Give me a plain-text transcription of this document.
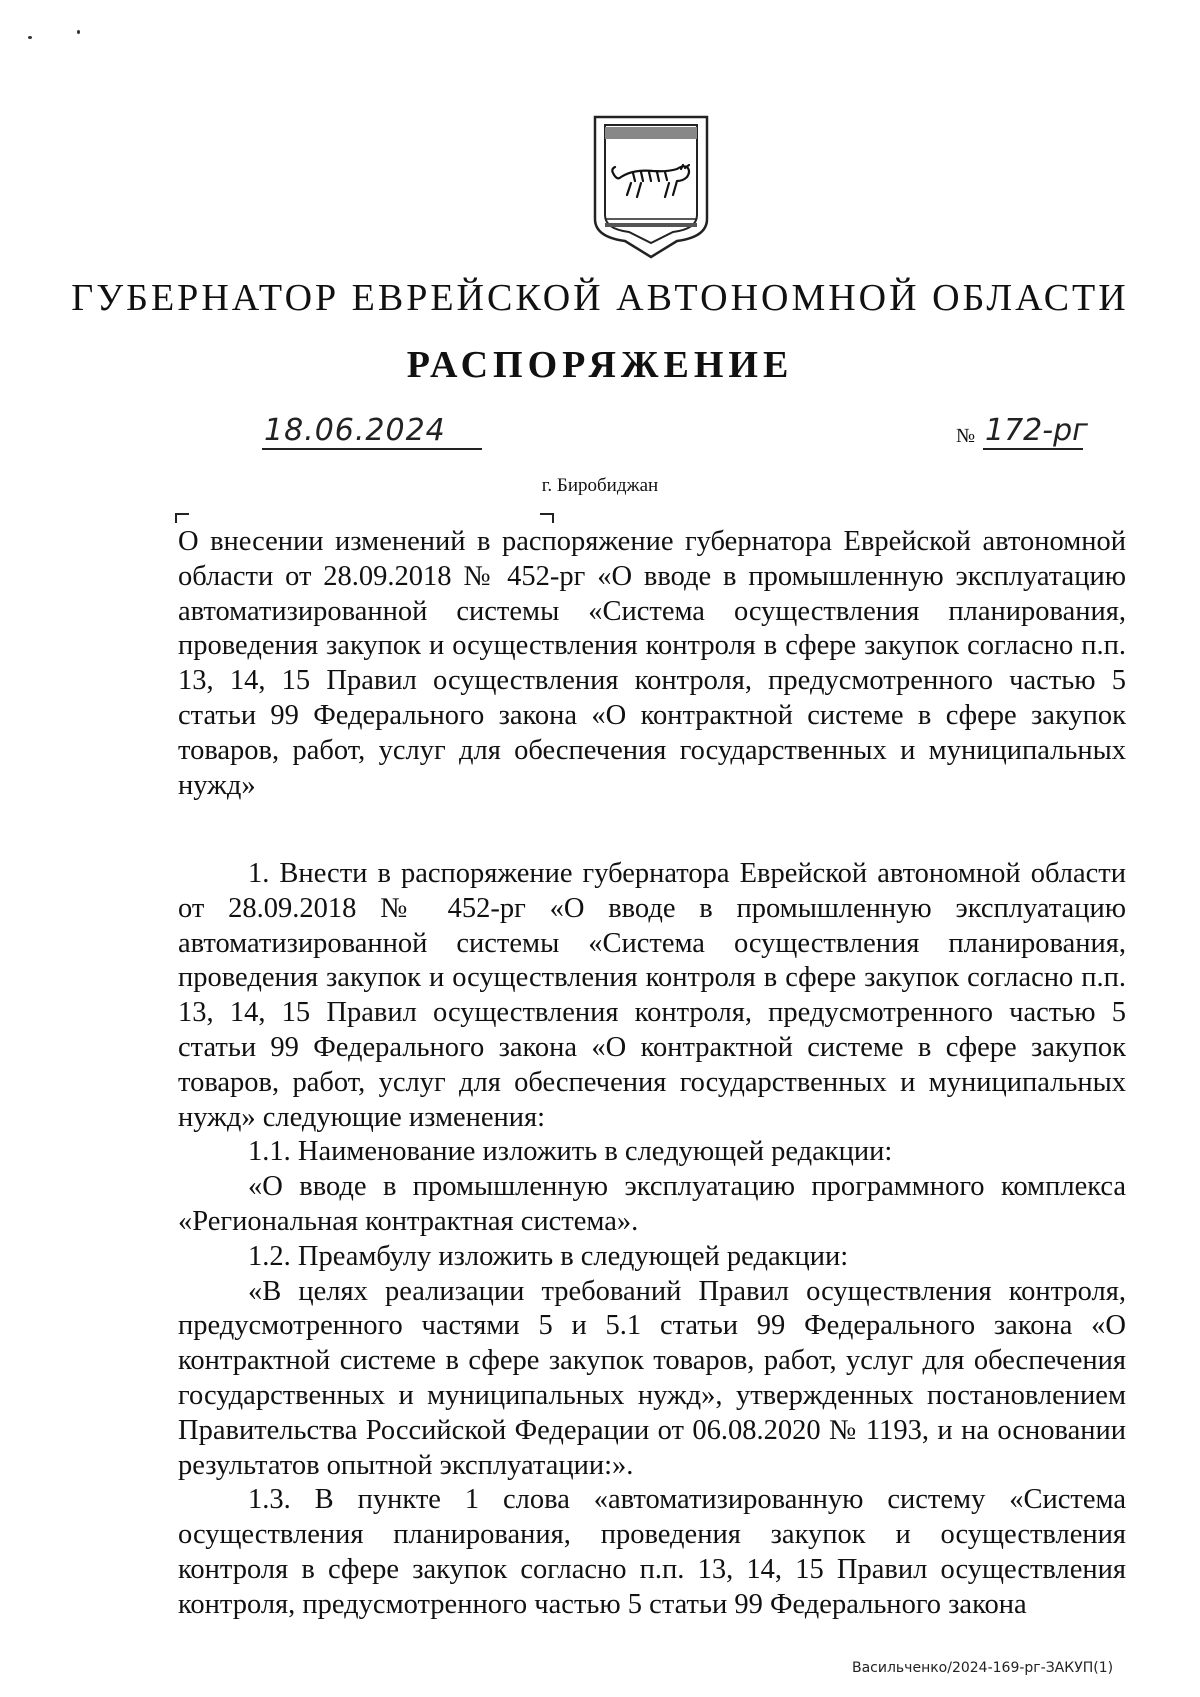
ГУБЕРНАТОР ЕВРЕЙСКОЙ АВТОНОМНОЙ ОБЛАСТИ
РАСПОРЯЖЕНИЕ
18.06.2024	№ 172-рг
г. Биробиджан

О внесении изменений в распоряжение губернатора Еврейской автономной области от 28.09.2018 № 452-рг «О вводе в промышленную эксплуатацию автоматизированной системы «Система осуществления планирования, проведения закупок и осуществления контроля в сфере закупок согласно п.п. 13, 14, 15 Правил осуществления контроля, предусмотренного частью 5 статьи 99 Федерального закона «О контрактной системе в сфере закупок товаров, работ, услуг для обеспечения государственных и муниципальных нужд»

1. Внести в распоряжение губернатора Еврейской автономной области от 28.09.2018 № 452-рг «О вводе в промышленную эксплуатацию автоматизированной системы «Система осуществления планирования, проведения закупок и осуществления контроля в сфере закупок согласно п.п. 13, 14, 15 Правил осуществления контроля, предусмотренного частью 5 статьи 99 Федерального закона «О контрактной системе в сфере закупок товаров, работ, услуг для обеспечения государственных и муниципальных нужд» следующие изменения:

1.1. Наименование изложить в следующей редакции:

«О вводе в промышленную эксплуатацию программного комплекса «Региональная контрактная система».

1.2. Преамбулу изложить в следующей редакции:

«В целях реализации требований Правил осуществления контроля, предусмотренного частями 5 и 5.1 статьи 99 Федерального закона «О контрактной системе в сфере закупок товаров, работ, услуг для обеспечения государственных и муниципальных нужд», утвержденных постановлением Правительства Российской Федерации от 06.08.2020 № 1193, и на основании результатов опытной эксплуатации:».

1.3. В пункте 1 слова «автоматизированную систему «Система осуществления планирования, проведения закупок и осуществления контроля в сфере закупок согласно п.п. 13, 14, 15 Правил осуществления контроля, предусмотренного частью 5 статьи 99 Федерального закона

Васильченко/2024-169-рг-ЗАКУП(1)
